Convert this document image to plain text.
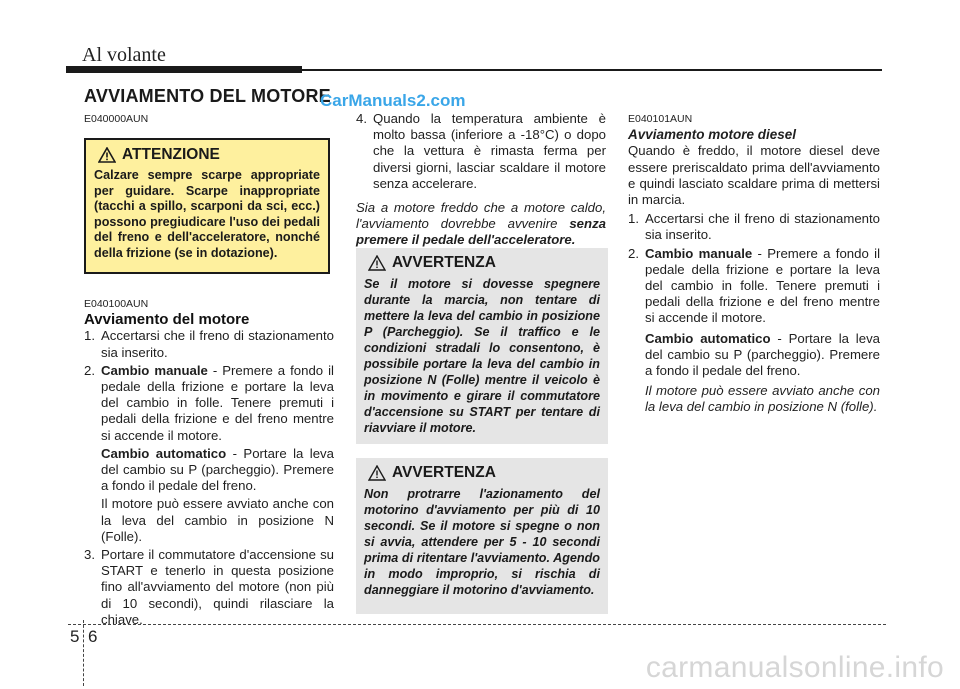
Al volante
AVVIAMENTO DEL MOTORE
CarManuals2.com

E040000AUN

ATTENZIONE
Calzare sempre scarpe appropriate per guidare. Scarpe inappropriate (tacchi a spillo, scarponi da sci, ecc.) possono pregiudicare l'uso dei pedali del freno e dell'acceleratore, nonché della frizione (se in dotazione).

E040100AUN

Avviamento del motore

1. Accertarsi che il freno di stazionamento sia inserito.
2. Cambio manuale - Premere a fondo il pedale della frizione e portare la leva del cambio in folle. Tenere premuti i pedali della frizione e del freno mentre si accende il motore.
Cambio automatico - Portare la leva del cambio su P (parcheggio). Premere a fondo il pedale del freno.
Il motore può essere avviato anche con la leva del cambio in posizione N (Folle).
3. Portare il commutatore d'accensione su START e tenerlo in questa posizione fino all'avviamento del motore (non più di 10 secondi), quindi rilasciare la chiave.
4. Quando la temperatura ambiente è molto bassa (inferiore a -18°C) o dopo che la vettura è rimasta ferma per diversi giorni, lasciar scaldare il motore senza accelerare.

Sia a motore freddo che a motore caldo, l'avviamento dovrebbe avvenire senza premere il pedale dell'acceleratore.

AVVERTENZA
Se il motore si dovesse spegnere durante la marcia, non tentare di mettere la leva del cambio in posizione P (Parcheggio). Se il traffico e le condizioni stradali lo consentono, è possibile portare la leva del cambio in posizione N (Folle) mentre il veicolo è in movimento e girare il commutatore d'accensione su START per tentare di riavviare il motore.
AVVERTENZA
Non protrarre l'azionamento del motorino d'avviamento per più di 10 secondi. Se il motore si spegne o non si avvia, attendere per 5 - 10 secondi prima di ritentare l'avviamento. Agendo in modo improprio, si rischia di danneggiare il motorino d'avviamento.

E040101AUN

Avviamento motore diesel

Quando è freddo, il motore diesel deve essere preriscaldato prima dell'avviamento e quindi lasciato scaldare prima di mettersi in marcia.

1. Accertarsi che il freno di stazionamento sia inserito.
2. Cambio manuale - Premere a fondo il pedale della frizione e portare la leva del cambio in folle. Tenere premuti i pedali della frizione e del freno mentre si accende il motore.
Cambio automatico - Portare la leva del cambio su P (parcheggio). Premere a fondo il pedale del freno.
Il motore può essere avviato anche con la leva del cambio in posizione N (folle).
5 6
carmanualsonline.info
